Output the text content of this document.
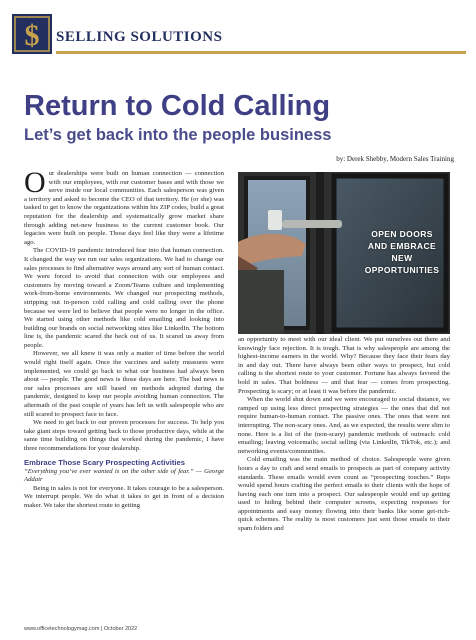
$ SELLING SOLUTIONS
Return to Cold Calling
Let’s get back into the people business
by: Derek Shebby, Modern Sales Training

Our dealerships were built on human connection — connection with our employees, with our customer bases and with those we serve inside our local communities. Each salesperson was given a territory and asked to become the CEO of that territory. He (or she) was tasked to get to know the organizations within his ZIP codes, build a great reputation for the dealership and systematically grow market share through adding net-new business to the current customer book. Our legacies were built on people. Those days feel like they were a lifetime ago.

The COVID-19 pandemic introduced fear into that human connection. It changed the way we run our sales organizations. We had to change our sales processes to find alternative ways around any sort of human contact. We were forced to avoid that connection with our employees and customers by moving toward a Zoom/Teams culture and implementing work-from-home environments. We changed our prospecting methods, stripping out in-person cold calling and cold calling over the phone because we were led to believe that people were no longer in the office. We started using other methods like cold emailing and looking into building our brands on social networking sites like LinkedIn. The bottom line is, the pandemic scared the heck out of us. It scared us away from people.

However, we all knew it was only a matter of time before the world would right itself again. Once the vaccines and safety measures were implemented, we could go back to what our business had always been about — people. The good news is those days are here. The bad news is our sales processes are still based on methods adopted during the pandemic, designed to keep our people avoiding human connection. The aftermath of the past couple of years has left us with salespeople who are still scared to prospect face to face.

We need to get back to our proven processes for success. To help you take giant steps toward getting back to those productive days, while at the same time building on things that worked during the pandemic, I have three recommendations for your dealership.

Embrace Those Scary Prospecting Activities

“Everything you’ve ever wanted is on the other side of fear.” — George Addair

Being in sales is not for everyone. It takes courage to be a salesperson. We interrupt people. We do what it takes to get in front of a decision maker. We take the shortest route to getting

OPEN DOORS
AND EMBRACE
NEW
OPPORTUNITIES

an opportunity to meet with our ideal client. We put ourselves out there and knowingly face rejection. It is tough. That is why salespeople are among the highest-income earners in the world. Why? Because they face their fears day in and day out. There have always been other ways to prospect, but cold calling is the shortest route to your customer. Fortune has always favored the bold in sales. That boldness — and that fear — comes from prospecting. Prospecting is scary; or at least it was before the pandemic.

When the world shut down and we were encouraged to social distance, we ramped up using less direct prospecting strategies — the ones that did not require human-to-human contact. The passive ones. The ones that were not interrupting. The non-scary ones. And, as we expected, the results were slim to none. Here is a list of the (non-scary) pandemic methods of outreach: cold emailing; leaving voicemails; social selling (via LinkedIn, TikTok, etc.); and networking events/communities.

Cold emailing was the main method of choice. Salespeople were given hours a day to craft and send emails to prospects as part of company activity standards. These emails would even count as “prospecting touches.” Reps would spend hours crafting the perfect emails to their clients with the hope of having each one turn into a prospect. Our salespeople would end up getting used to hiding behind their computer screens, expecting responses for appointments and easy money flowing into their banks like some get-rich-quick schemes. The reality is most customers just sent those emails to their spam folders and

www.officetechnologymag.com | October 2022
